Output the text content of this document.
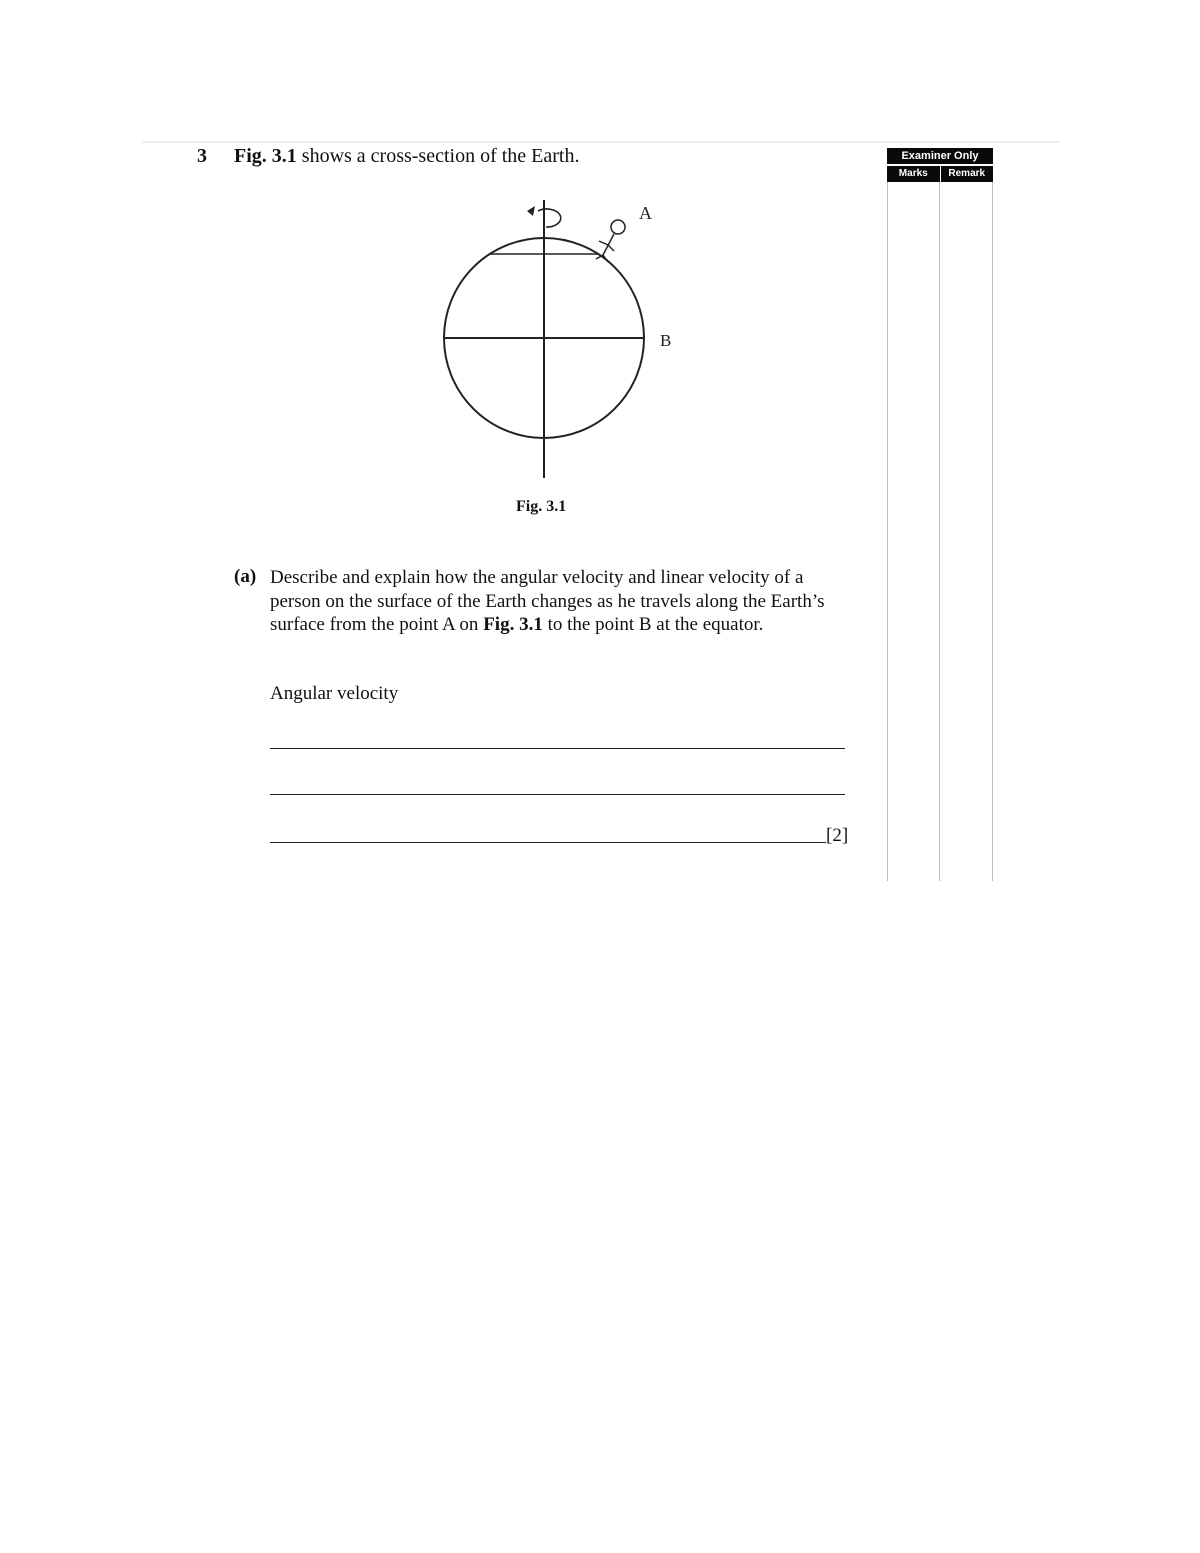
3 Fig. 3.1 shows a cross-section of the Earth.
A
B
Fig. 3.1
(a) Describe and explain how the angular velocity and linear velocity of a person on the surface of the Earth changes as he travels along the Earth’s surface from the point A on Fig. 3.1 to the point B at the equator.
Angular velocity
[2]
Examiner Only
Marks	Remark
